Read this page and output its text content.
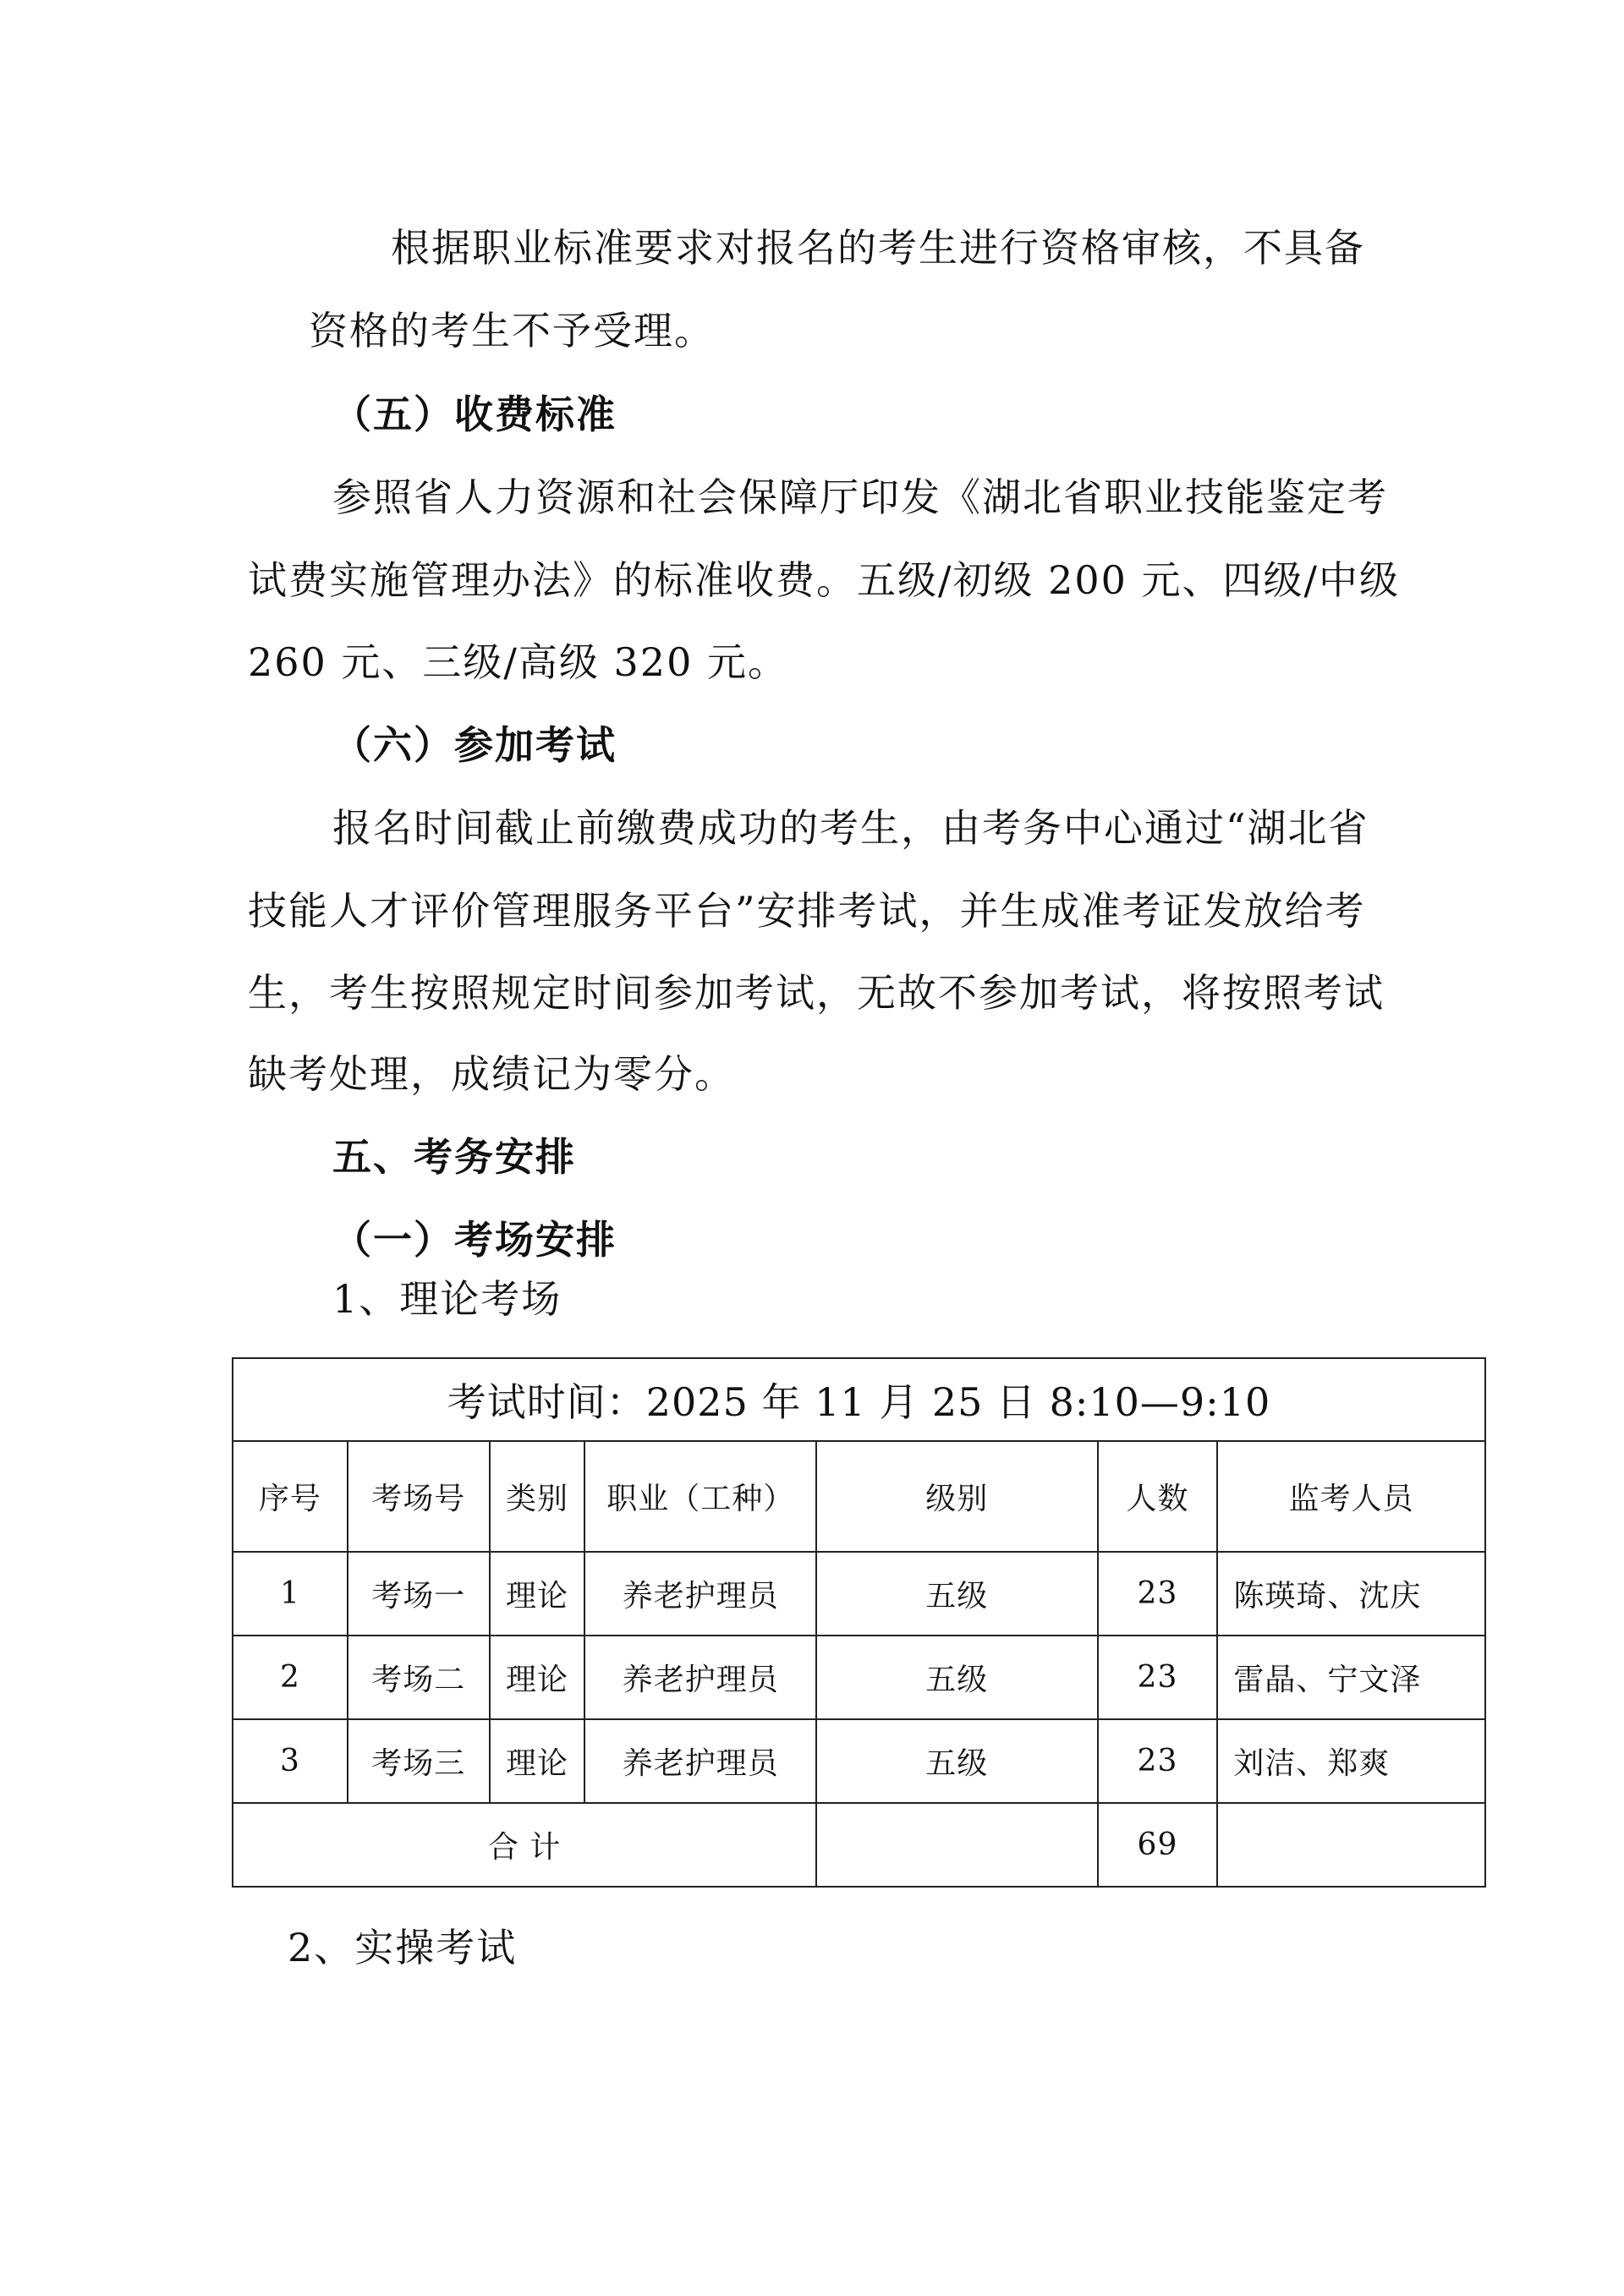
根据职业标准要求对报名的考生进行资格审核，不具备
资格的考生不予受理。
（五）收费标准
参照省人力资源和社会保障厅印发《湖北省职业技能鉴定考
试费实施管理办法》的标准收费。五级/初级 200 元、四级/中级
260 元、三级/高级 320 元。
（六）参加考试
报名时间截止前缴费成功的考生，由考务中心通过“湖北省
技能人才评价管理服务平台”安排考试，并生成准考证发放给考
生，考生按照规定时间参加考试，无故不参加考试，将按照考试
缺考处理，成绩记为零分。
五、考务安排
（一）考场安排
1、理论考场
考试时间：2025 年 11 月 25 日 8:10—9:10						
序号	考场号	类别	职业（工种）	级别	人数	监考人员
1	考场一	理论	养老护理员	五级	23	陈瑛琦、沈庆
2	考场二	理论	养老护理员	五级	23	雷晶、宁文泽
3	考场三	理论	养老护理员	五级	23	刘洁、郑爽
合 计					69	
2、实操考试
